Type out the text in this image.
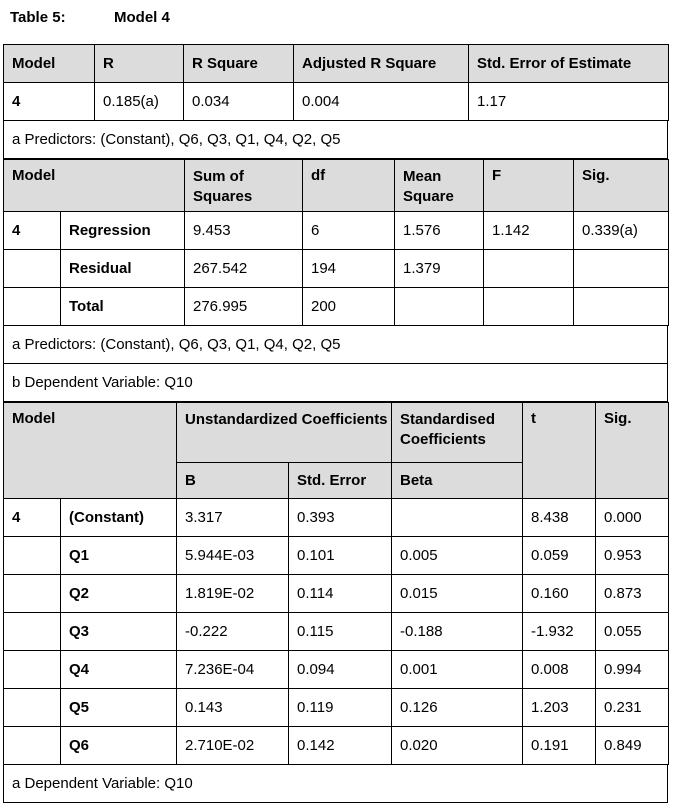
Table 5:	Model 4
Model	R	R Square	Adjusted R Square	Std. Error of Estimate
4	0.185(a)	0.034	0.004	1.17
a Predictors: (Constant), Q6, Q3, Q1, Q4, Q2, Q5
Model		Sum of Squares	df	Mean Square	F	Sig.
4	Regression	9.453	6	1.576	1.142	0.339(a)
	Residual	267.542	194	1.379		
	Total	276.995	200			
a Predictors: (Constant), Q6, Q3, Q1, Q4, Q2, Q5
b Dependent Variable: Q10
Model		Unstandardized Coefficients		Standardised Coefficients	t	Sig.
		B	Std. Error	Beta		
4	(Constant)	3.317	0.393		8.438	0.000
	Q1	5.944E-03	0.101	0.005	0.059	0.953
	Q2	1.819E-02	0.114	0.015	0.160	0.873
	Q3	-0.222	0.115	-0.188	-1.932	0.055
	Q4	7.236E-04	0.094	0.001	0.008	0.994
	Q5	0.143	0.119	0.126	1.203	0.231
	Q6	2.710E-02	0.142	0.020	0.191	0.849
a Dependent Variable: Q10
